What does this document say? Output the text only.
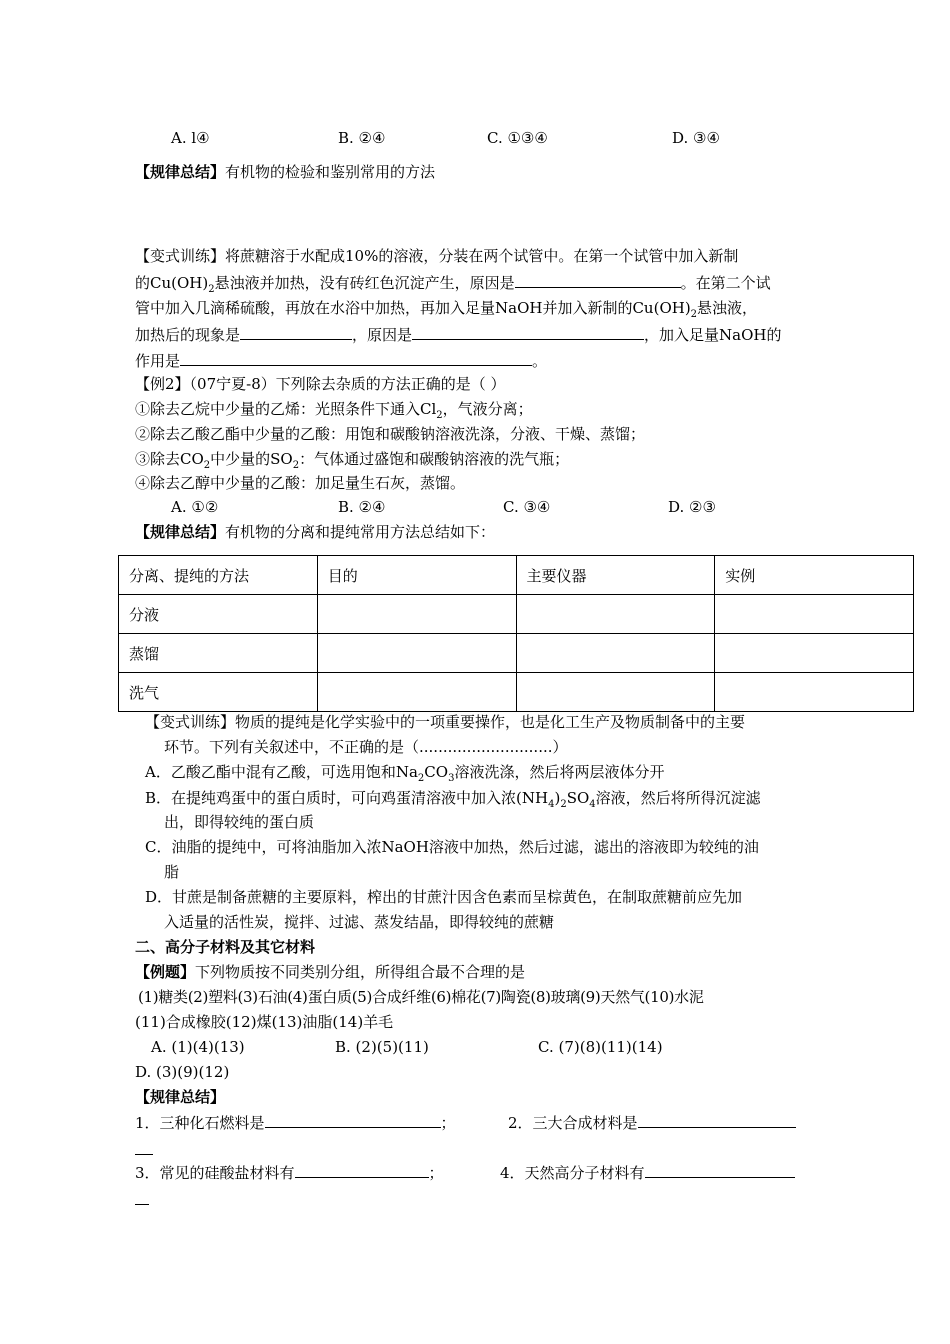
A. l④	B. ②④	C. ①③④	D. ③④
【规律总结】有机物的检验和鉴别常用的方法
【变式训练】将蔗糖溶于水配成10%的溶液，分装在两个试管中。在第一个试管中加入新制
的$Cu(OH)_2$悬浊液并加热，没有砖红色沉淀产生，原因是	。在第二个试
管中加入几滴稀硫酸，再放在水浴中加热，再加入足量NaOH并加入新制的$Cu(OH)_2$悬浊液，
加热后的现象是	，原因是	，加入足量NaOH的
作用是	。
【例2】（07宁夏-8）下列除去杂质的方法正确的是（ ）
①除去乙烷中少量的乙烯：光照条件下通入$Cl_2$，气液分离；
②除去乙酸乙酯中少量的乙酸：用饱和碳酸钠溶液洗涤，分液、干燥、蒸馏；
③除去$CO_2$中少量的$SO_2$：气体通过盛饱和碳酸钠溶液的洗气瓶；
④除去乙醇中少量的乙酸：加足量生石灰，蒸馏。
A. ①②	B. ②④	C. ③④	D. ②③
【规律总结】有机物的分离和提纯常用方法总结如下：
分离、提纯的方法	目的	主要仪器	实例
分液			
蒸馏			
洗气			
【变式训练】物质的提纯是化学实验中的一项重要操作，也是化工生产及物质制备中的主要
环节。下列有关叙述中，不正确的是（............................）
A．乙酸乙酯中混有乙酸，可选用饱和$Na_2CO_3$溶液洗涤，然后将两层液体分开
B．在提纯鸡蛋中的蛋白质时，可向鸡蛋清溶液中加入浓$(NH_4)_2SO_4$溶液，然后将所得沉淀滤
出，即得较纯的蛋白质
C．油脂的提纯中，可将油脂加入浓NaOH溶液中加热，然后过滤，滤出的溶液即为较纯的油
脂
D．甘蔗是制备蔗糖的主要原料，榨出的甘蔗汁因含色素而呈棕黄色，在制取蔗糖前应先加
入适量的活性炭，搅拌、过滤、蒸发结晶，即得较纯的蔗糖
二、高分子材料及其它材料
【例题】下列物质按不同类别分组，所得组合最不合理的是
(1)糖类(2)塑料(3)石油(4)蛋白质(5)合成纤维(6)棉花(7)陶瓷(8)玻璃(9)天然气(10)水泥
(11)合成橡胶(12)煤(13)油脂(14)羊毛
A. (1)(4)(13)	B. (2)(5)(11)	C. (7)(8)(11)(14)
D. (3)(9)(12)
【规律总结】
1．三种化石燃料是	；	2．三大合成材料是
3．常见的硅酸盐材料有	；	4．天然高分子材料有
